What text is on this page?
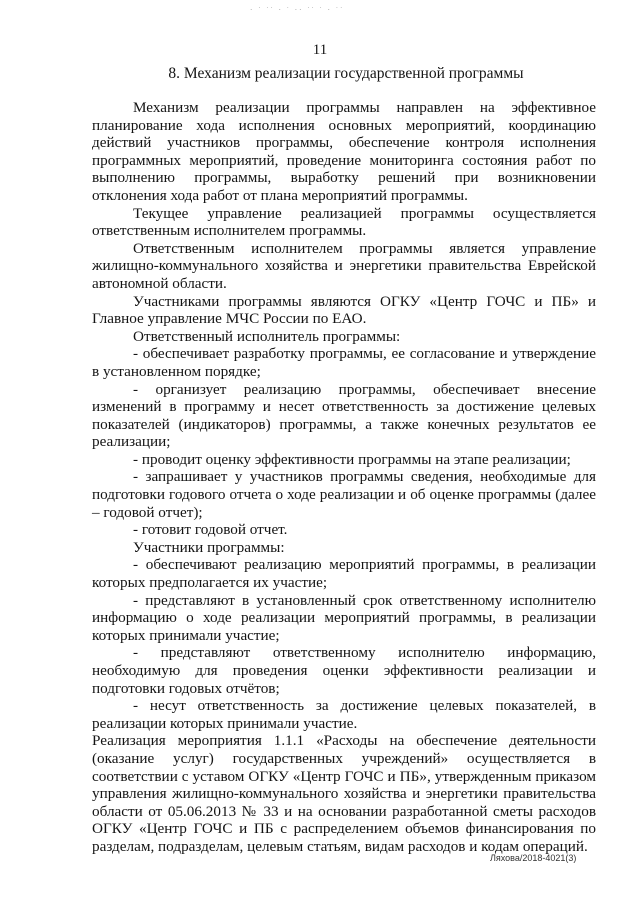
· ˙ ˙˙ · ˙ ·· ˙˙ ˙ · ˙˙
11
8. Механизм реализации государственной программы

Механизм реализации программы направлен на эффективное планирование хода исполнения основных мероприятий, координацию действий участников программы, обеспечение контроля исполнения программных мероприятий, проведение мониторинга состояния работ по выполнению программы, выработку решений при возникновении отклонения хода работ от плана мероприятий программы.

Текущее управление реализацией программы осуществляется ответственным исполнителем программы.

Ответственным исполнителем программы является управление жилищно-коммунального хозяйства и энергетики правительства Еврейской автономной области.

Участниками программы являются ОГКУ «Центр ГОЧС и ПБ» и Главное управление МЧС России по ЕАО.

Ответственный исполнитель программы:

- обеспечивает разработку программы, ее согласование и утверждение в установленном порядке;

- организует реализацию программы, обеспечивает внесение изменений в программу и несет ответственность за достижение целевых показателей (индикаторов) программы, а также конечных результатов ее реализации;

- проводит оценку эффективности программы на этапе реализации;

- запрашивает у участников программы сведения, необходимые для подготовки годового отчета о ходе реализации и об оценке программы (далее – годовой отчет);

- готовит годовой отчет.

Участники программы:

- обеспечивают реализацию мероприятий программы, в реализации которых предполагается их участие;

- представляют в установленный срок ответственному исполнителю информацию о ходе реализации мероприятий программы, в реализации которых принимали участие;

- представляют ответственному исполнителю информацию, необходимую для проведения оценки эффективности реализации и подготовки годовых отчётов;

- несут ответственность за достижение целевых показателей, в реализации которых принимали участие.

Реализация мероприятия 1.1.1 «Расходы на обеспечение деятельности (оказание услуг) государственных учреждений» осуществляется в соответствии с уставом ОГКУ «Центр ГОЧС и ПБ», утвержденным приказом управления жилищно-коммунального хозяйства и энергетики правительства области от 05.06.2013 № 33 и на основании разработанной сметы расходов ОГКУ «Центр ГОЧС и ПБ с распределением объемов финансирования по разделам, подразделам, целевым статьям, видам расходов и кодам операций.

Ляхова/2018-4021(3)
